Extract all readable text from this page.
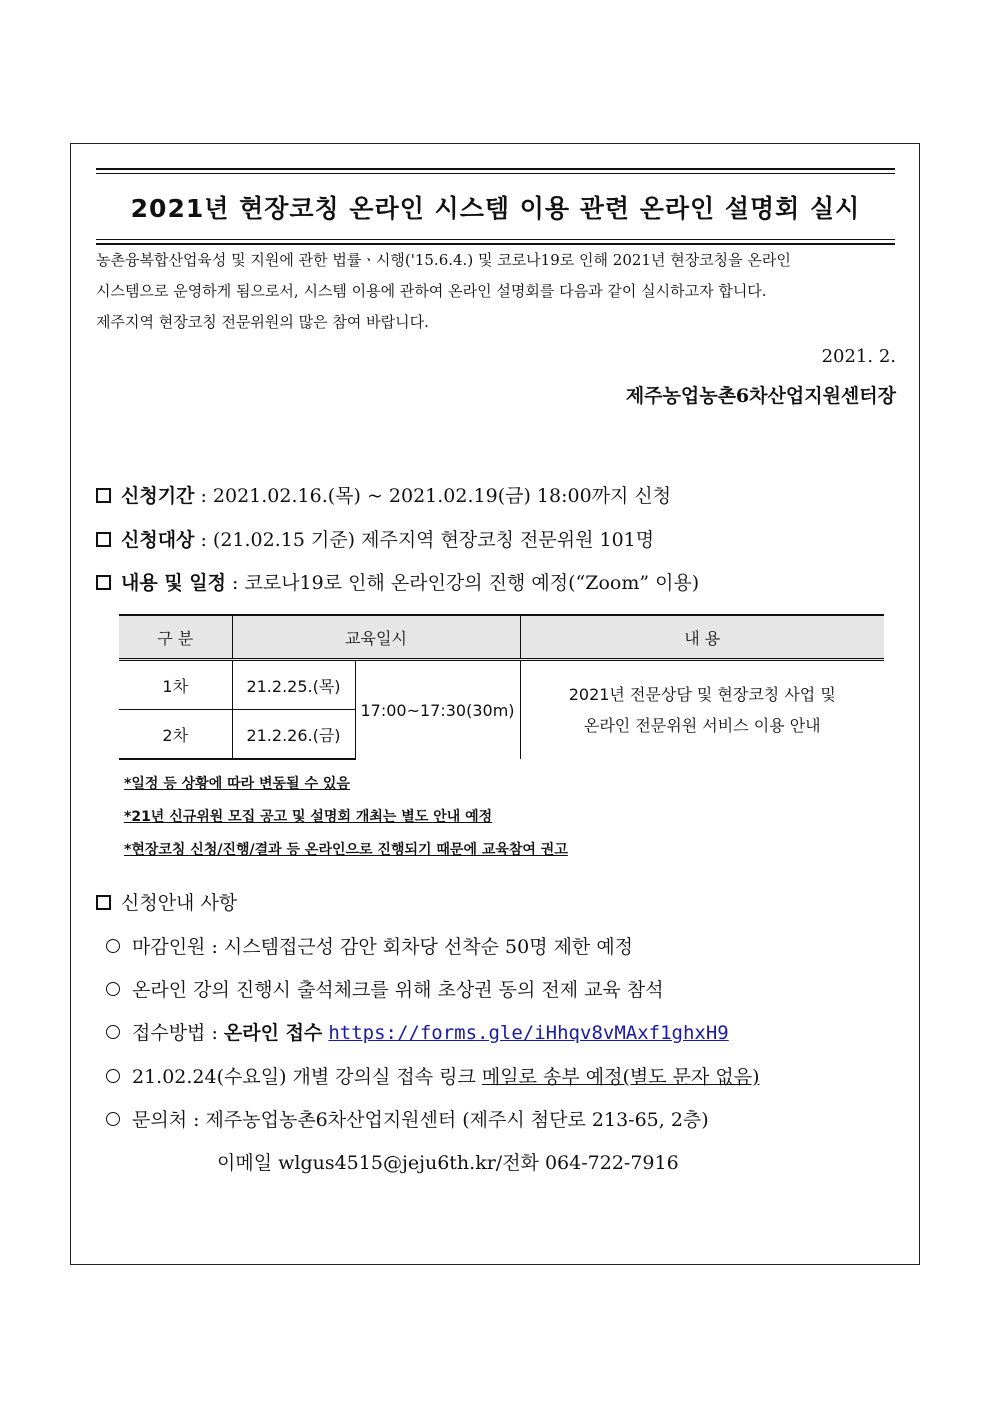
2021년 현장코칭 온라인 시스템 이용 관련 온라인 설명회 실시
농촌융복합산업육성 및 지원에 관한 법률ㆍ시행('15.6.4.) 및 코로나19로 인해 2021년 현장코칭을 온라인
시스템으로 운영하게 됨으로서, 시스템 이용에 관하여 온라인 설명회를 다음과 같이 실시하고자 합니다.
제주지역 현장코칭 전문위원의 많은 참여 바랍니다.
2021. 2.
제주농업농촌6차산업지원센터장
신청기간 : 2021.02.16.(목) ~ 2021.02.19(금) 18:00까지 신청
신청대상 : (21.02.15 기준) 제주지역 현장코칭 전문위원 101명
내용 및 일정 : 코로나19로 인해 온라인강의 진행 예정(“Zoom” 이용)
구 분	교육일시		내 용
1차	21.2.25.(목)	17:00~17:30(30m)	2021년 전문상담 및 현장코칭 사업 및
온라인 전문위원 서비스 이용 안내

2차	21.2.26.(금)		
*일정 등 상황에 따라 변동될 수 있음
*21년 신규위원 모집 공고 및 설명회 개최는 별도 안내 예정
*현장코칭 신청/진행/결과 등 온라인으로 진행되기 때문에 교육참여 권고
신청안내 사항
마감인원 : 시스템접근성 감안 회차당 선착순 50명 제한 예정
온라인 강의 진행시 출석체크를 위해 초상권 동의 전제 교육 참석
접수방법 : 온라인 접수 https://forms.gle/iHhqv8vMAxf1ghxH9
21.02.24(수요일) 개별 강의실 접속 링크 메일로 송부 예정(별도 문자 없음)
문의처 : 제주농업농촌6차산업지원센터 (제주시 첨단로 213-65, 2층)
이메일 wlgus4515@jeju6th.kr/전화 064-722-7916
